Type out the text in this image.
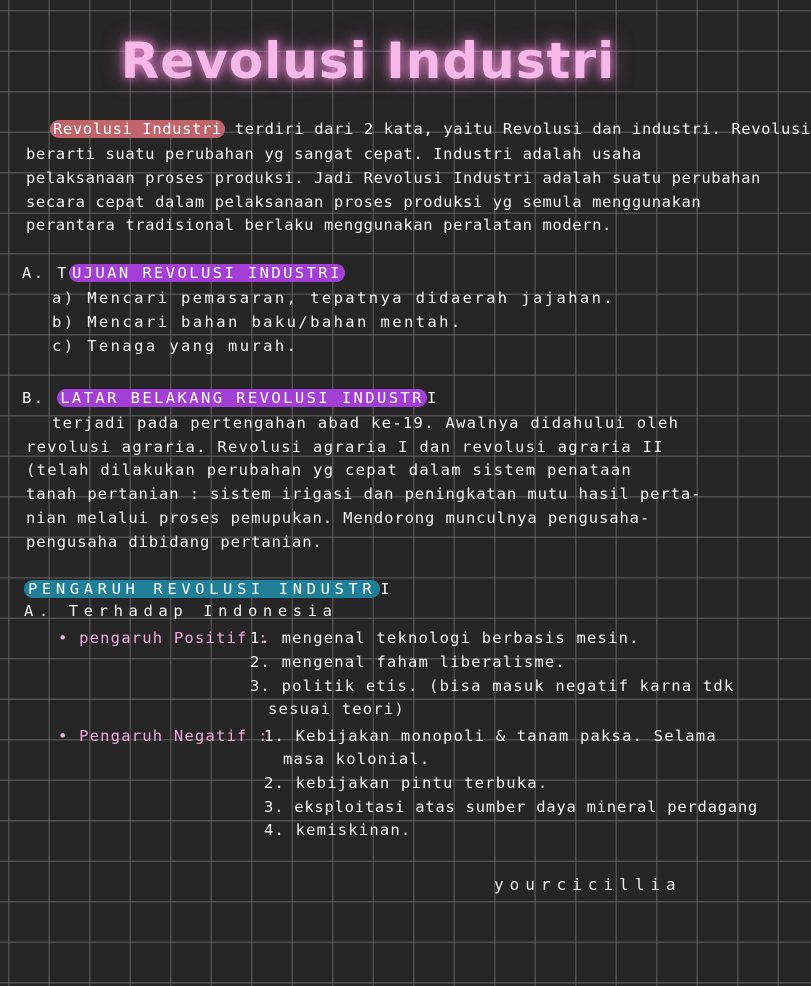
Revolusi Industri
Revolusi Industri terdiri dari 2 kata, yaitu Revolusi dan industri. Revolusi
berarti suatu perubahan yg sangat cepat. Industri adalah usaha
pelaksanaan proses produksi. Jadi Revolusi Industri adalah suatu perubahan
secara cepat dalam pelaksanaan proses produksi yg semula menggunakan
perantara tradisional berlaku menggunakan peralatan modern.
A. T UJUAN REVOLUSI INDUSTRI
a) Mencari pemasaran, tepatnya didaerah jajahan.
b) Mencari bahan baku/bahan mentah.
c) Tenaga yang murah.
B. LATAR BELAKANG REVOLUSI INDUSTR I
terjadi pada pertengahan abad ke-19. Awalnya didahului oleh
revolusi agraria. Revolusi agraria I dan revolusi agraria II
(telah dilakukan perubahan yg cepat dalam sistem penataan
tanah pertanian : sistem irigasi dan peningkatan mutu hasil perta-
nian melalui proses pemupukan. Mendorong munculnya pengusaha-
pengusaha dibidang pertanian.
PENGARUH REVOLUSI INDUSTR I
A. Terhadap Indonesia
• pengaruh Positif :
1. mengenal teknologi berbasis mesin.
2. mengenal faham liberalisme.
3. politik etis. (bisa masuk negatif karna tdk
sesuai teori)
• Pengaruh Negatif :
1. Kebijakan monopoli & tanam paksa. Selama
masa kolonial.
2. kebijakan pintu terbuka.
3. eksploitasi atas sumber daya mineral perdagang
4. kemiskinan.
yourcicillia
